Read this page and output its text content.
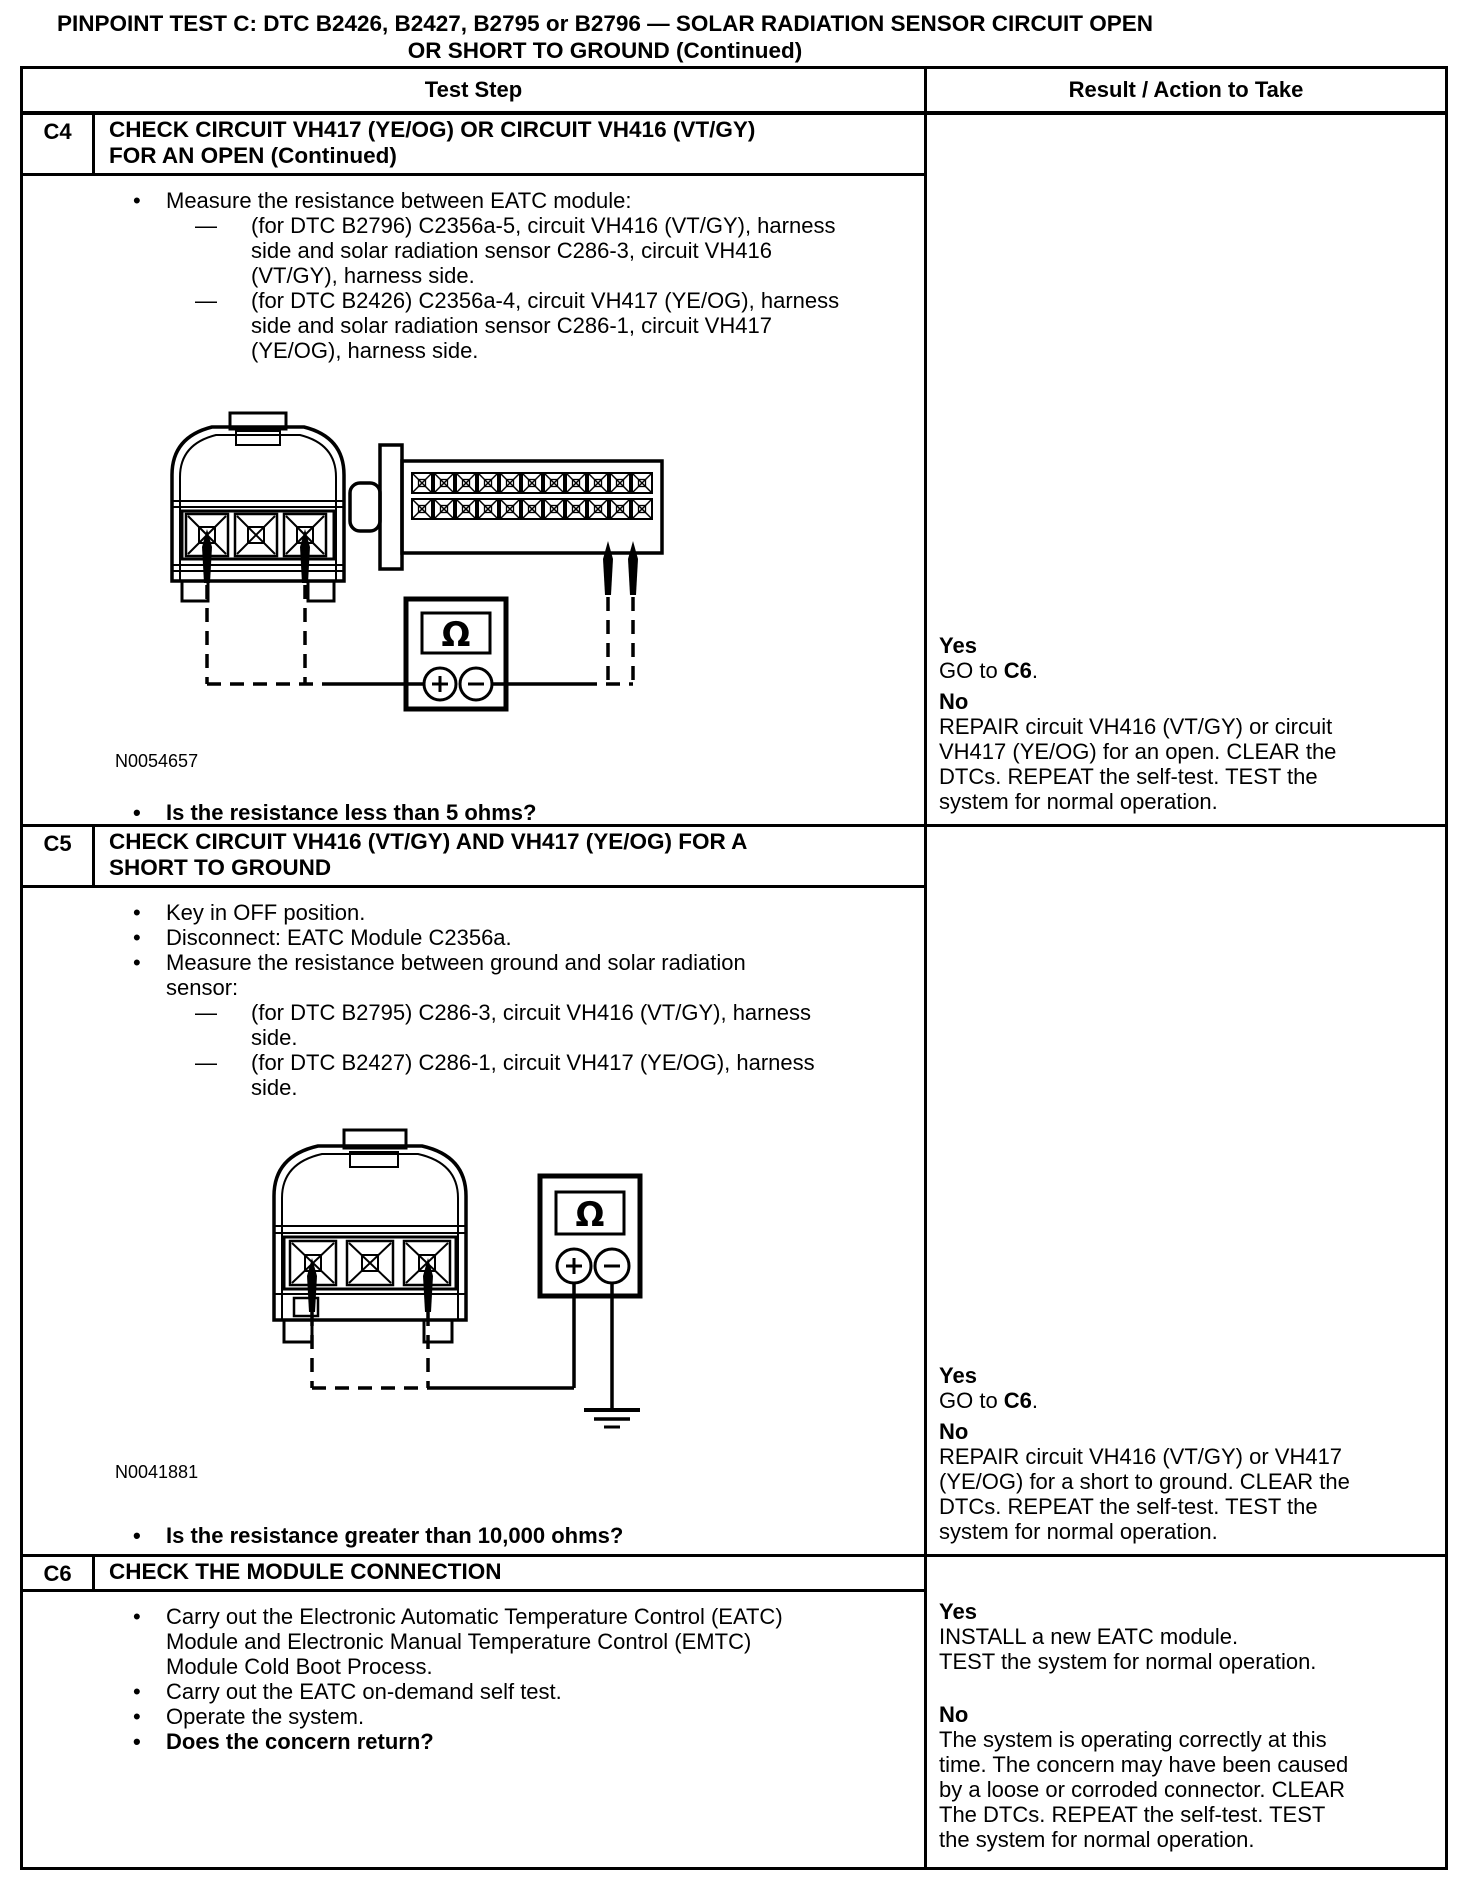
PINPOINT TEST C: DTC B2426, B2427, B2795 or B2796 — SOLAR RADIATION SENSOR CIRCUIT OPEN
OR SHORT TO GROUND (Continued)
Test Step	Result / Action to Take
C4	CHECK CIRCUIT VH417 (YE/OG) OR CIRCUIT VH416 (VT/GY)
FOR AN OPEN (Continued)
•	Measure the resistance between EATC module:
—	(for DTC B2796) C2356a-5, circuit VH416 (VT/GY), harness
side and solar radiation sensor C286-3, circuit VH416
(VT/GY), harness side.
—	(for DTC B2426) C2356a-4, circuit VH417 (YE/OG), harness
side and solar radiation sensor C286-1, circuit VH417
(YE/OG), harness side.
Ω
N0054657
•	Is the resistance less than 5 ohms?
Yes
GO to C6.
No
REPAIR circuit VH416 (VT/GY) or circuit
VH417 (YE/OG) for an open. CLEAR the
DTCs. REPEAT the self-test. TEST the
system for normal operation.
C5	CHECK CIRCUIT VH416 (VT/GY) AND VH417 (YE/OG) FOR A
SHORT TO GROUND
•	Key in OFF position.
•	Disconnect: EATC Module C2356a.
•	Measure the resistance between ground and solar radiation
sensor:
—	(for DTC B2795) C286-3, circuit VH416 (VT/GY), harness
side.
—	(for DTC B2427) C286-1, circuit VH417 (YE/OG), harness
side.
Ω
N0041881
•	Is the resistance greater than 10,000 ohms?
Yes
GO to C6.
No
REPAIR circuit VH416 (VT/GY) or VH417
(YE/OG) for a short to ground. CLEAR the
DTCs. REPEAT the self-test. TEST the
system for normal operation.
C6	CHECK THE MODULE CONNECTION
•	Carry out the Electronic Automatic Temperature Control (EATC)
Module and Electronic Manual Temperature Control (EMTC)
Module Cold Boot Process.
•	Carry out the EATC on-demand self test.
•	Operate the system.
•	Does the concern return?
Yes
INSTALL a new EATC module.
TEST the system for normal operation.
No
The system is operating correctly at this
time. The concern may have been caused
by a loose or corroded connector. CLEAR
The DTCs. REPEAT the self-test. TEST
the system for normal operation.
